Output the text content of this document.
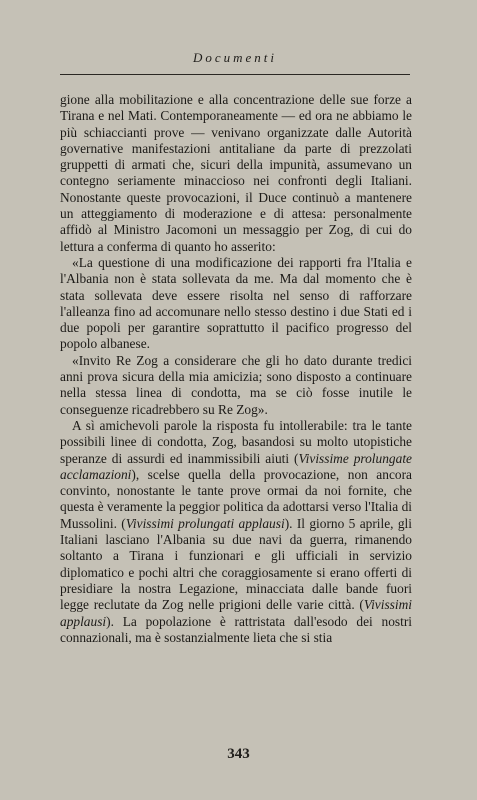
Documenti

gione alla mobilitazione e alla concentrazione delle sue forze a Tirana e nel Mati. Contemporaneamente — ed ora ne abbiamo le più schiaccianti prove — venivano organizzate dalle Autorità governative manifestazioni antitaliane da parte di prezzolati gruppetti di armati che, sicuri della impunità, assumevano un contegno seriamente minaccioso nei confronti degli Italiani. Nonostante queste provocazioni, il Duce continuò a mantenere un atteggiamento di moderazione e di attesa: personalmente affidò al Ministro Jacomoni un messaggio per Zog, di cui do lettura a conferma di quanto ho asserito:

«La questione di una modificazione dei rapporti fra l'Italia e l'Albania non è stata sollevata da me. Ma dal momento che è stata sollevata deve essere risolta nel senso di rafforzare l'alleanza fino ad accomunare nello stesso destino i due Stati ed i due popoli per garantire soprattutto il pacifico progresso del popolo albanese.

«Invito Re Zog a considerare che gli ho dato durante tredici anni prova sicura della mia amicizia; sono disposto a continuare nella stessa linea di condotta, ma se ciò fosse inutile le conseguenze ricadrebbero su Re Zog».

A sì amichevoli parole la risposta fu intollerabile: tra le tante possibili linee di condotta, Zog, basandosi su molto utopistiche speranze di assurdi ed inammissibili aiuti (Vivissime prolungate acclamazioni), scelse quella della provocazione, non ancora convinto, nonostante le tante prove ormai da noi fornite, che questa è veramente la peggior politica da adottarsi verso l'Italia di Mussolini. (Vivissimi prolungati applausi). Il giorno 5 aprile, gli Italiani lasciano l'Albania su due navi da guerra, rimanendo soltanto a Tirana i funzionari e gli ufficiali in servizio diplomatico e pochi altri che coraggiosamente si erano offerti di presidiare la nostra Legazione, minacciata dalle bande fuori legge reclutate da Zog nelle prigioni delle varie città. (Vivissimi applausi). La popolazione è rattristata dall'esodo dei nostri connazionali, ma è sostanzialmente lieta che si stia

343
